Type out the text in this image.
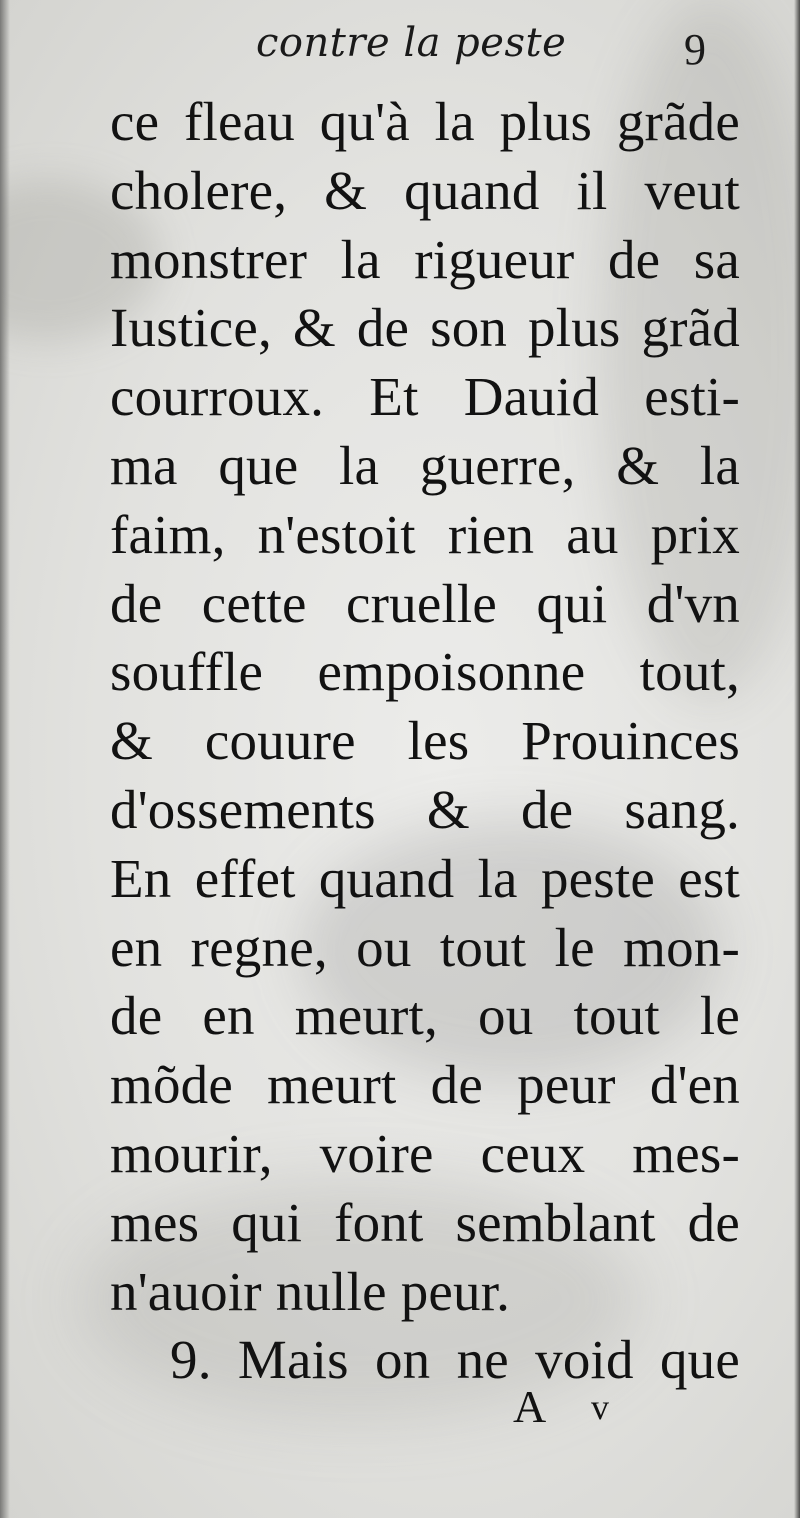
contre la peste	9
ce fleau qu'à la plus grãde
cholere, & quand il veut
monstrer la rigueur de sa
Iustice, & de son plus grãd
courroux. Et Dauid esti-
ma que la guerre, & la
faim, n'estoit rien au prix
de cette cruelle qui d'vn
souffle empoisonne tout,
& couure les Prouinces
d'ossements & de sang.
En effet quand la peste est
en regne, ou tout le mon-
de en meurt, ou tout le
mõde meurt de peur d'en
mourir, voire ceux mes-
mes qui font semblant de
n'auoir nulle peur.
9. Mais on ne void que
A v
